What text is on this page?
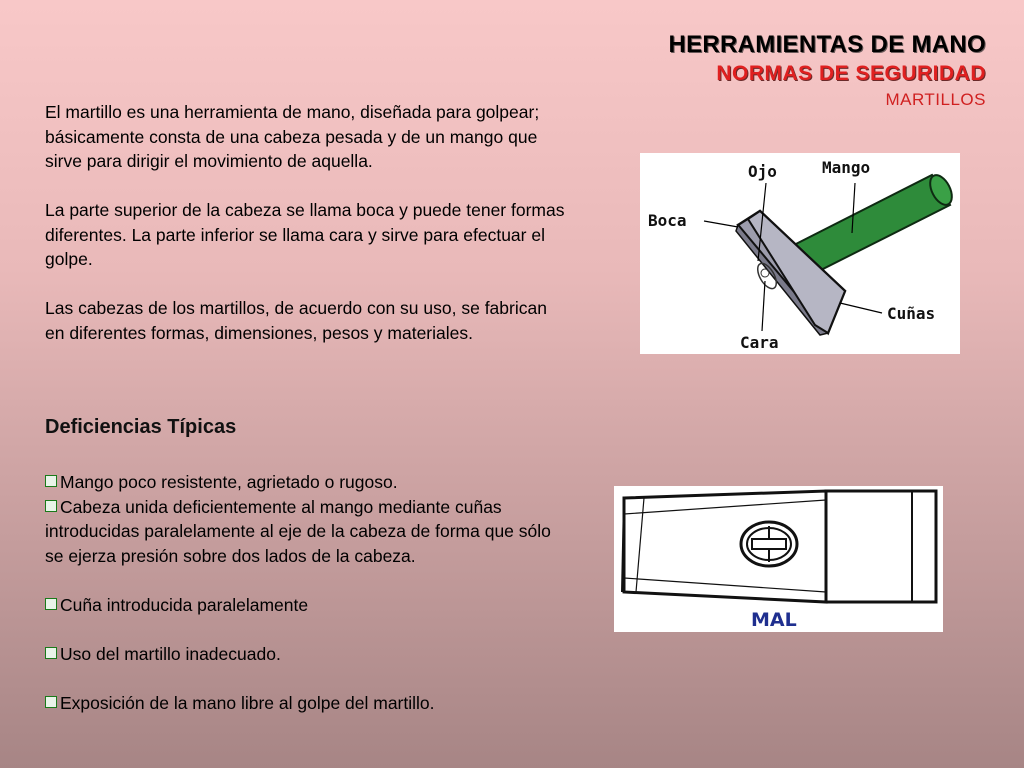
HERRAMIENTAS DE MANO
NORMAS DE SEGURIDAD
MARTILLOS

El martillo es una herramienta de mano, diseñada para golpear; básicamente consta de una cabeza pesada y de un mango que sirve para dirigir el movimiento de aquella.

La parte superior de la cabeza se llama boca y puede tener formas diferentes. La parte inferior se llama cara y sirve para efectuar el golpe.

Las cabezas de los martillos, de acuerdo con su uso, se fabrican en diferentes formas, dimensiones, pesos y materiales.

Deficiencias Típicas
Mango poco resistente, agrietado o rugoso.
Cabeza unida deficientemente al mango mediante cuñas introducidas paralelamente al eje de la cabeza de forma que sólo se ejerza presión sobre dos lados de la cabeza.
Cuña introducida paralelamente
Uso del martillo inadecuado.
Exposición de la mano libre al golpe del martillo.
Ojo	Mango
Boca
Cuñas
Cara
MAL
